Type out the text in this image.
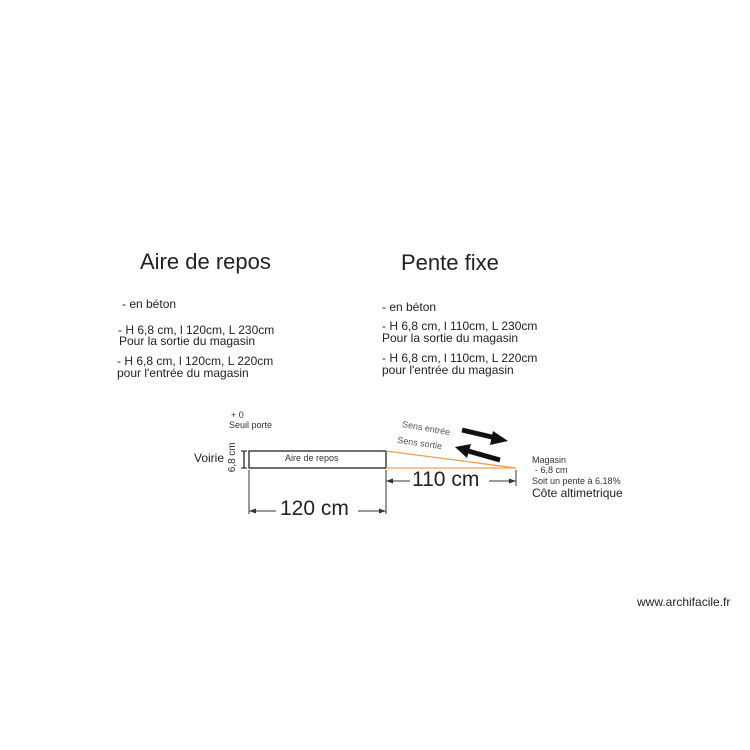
Aire de repos
- en béton
- H 6,8 cm, l 120cm, L 230cm
Pour la sortie du magasin
- H 6,8 cm, l 120cm, L 220cm
pour l'entrée du magasin
Pente fixe
- en béton
- H 6,8 cm, l 110cm, L 230cm
Pour la sortie du magasin
- H 6,8 cm, l 110cm, L 220cm
pour l'entrée du magasin
+ 0
Seuil porte
Voirie 6,8 cm	Aire de repos
Sens entrée
Sens sortie
110 cm
120 cm
Magasin
- 6,8 cm
Soit un pente à 6.18%
Côte altimetrique
www.archifacile.fr
